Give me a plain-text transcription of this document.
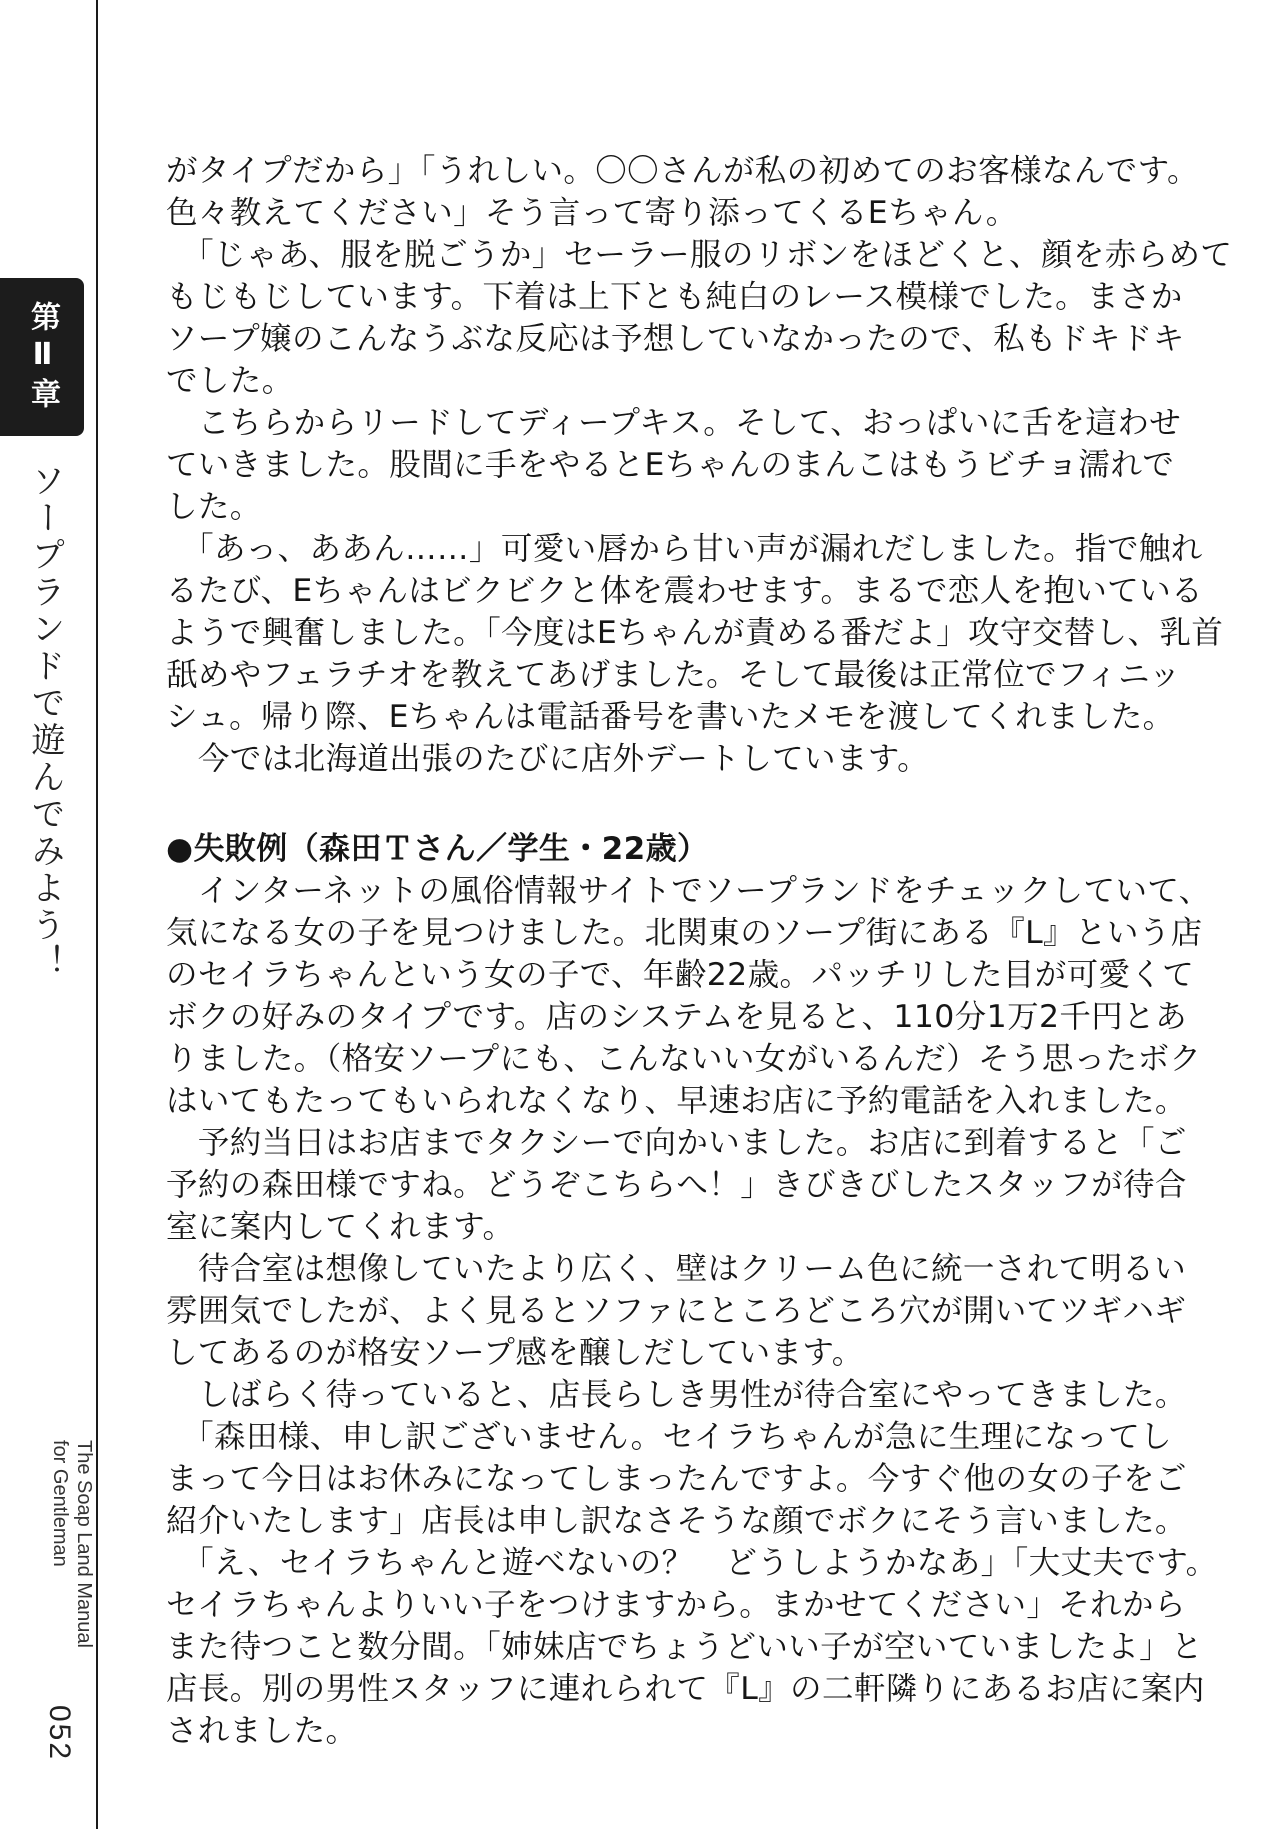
第Ⅱ章
ソープランドで遊んでみよう！
The Soap Land Manual
for Gentleman
052

がタイプだから」「うれしい。〇〇さんが私の初めてのお客様なんです。

色々教えてください」そう言って寄り添ってくるEちゃん。

　「じゃあ、服を脱ごうか」セーラー服のリボンをほどくと、顔を赤らめて

もじもじしています。下着は上下とも純白のレース模様でした。まさか

ソープ嬢のこんなうぶな反応は予想していなかったので、私もドキドキ

でした。

　こちらからリードしてディープキス。そして、おっぱいに舌を這わせ

ていきました。股間に手をやるとEちゃんのまんこはもうビチョ濡れで

した。

　「あっ、ああん……」可愛い唇から甘い声が漏れだしました。指で触れ

るたび、Eちゃんはビクビクと体を震わせます。まるで恋人を抱いている

ようで興奮しました。「今度はEちゃんが責める番だよ」攻守交替し、乳首

舐めやフェラチオを教えてあげました。そして最後は正常位でフィニッ

シュ。帰り際、Eちゃんは電話番号を書いたメモを渡してくれました。

　今では北海道出張のたびに店外デートしています。

●失敗例（森田Ｔさん／学生・22歳）

　インターネットの風俗情報サイトでソープランドをチェックしていて、

気になる女の子を見つけました。北関東のソープ街にある『L』という店

のセイラちゃんという女の子で、年齢22歳。パッチリした目が可愛くて

ボクの好みのタイプです。店のシステムを見ると、110分1万2千円とあ

りました。（格安ソープにも、こんないい女がいるんだ）そう思ったボク

はいてもたってもいられなくなり、早速お店に予約電話を入れました。

　予約当日はお店までタクシーで向かいました。お店に到着すると「ご

予約の森田様ですね。どうぞこちらへ！」きびきびしたスタッフが待合

室に案内してくれます。

　待合室は想像していたより広く、壁はクリーム色に統一されて明るい

雰囲気でしたが、よく見るとソファにところどころ穴が開いてツギハギ

してあるのが格安ソープ感を醸しだしています。

　しばらく待っていると、店長らしき男性が待合室にやってきました。

　「森田様、申し訳ございません。セイラちゃんが急に生理になってし

まって今日はお休みになってしまったんですよ。今すぐ他の女の子をご

紹介いたします」店長は申し訳なさそうな顔でボクにそう言いました。

　「え、セイラちゃんと遊べないの？　どうしようかなあ」「大丈夫です。

セイラちゃんよりいい子をつけますから。まかせてください」それから

また待つこと数分間。「姉妹店でちょうどいい子が空いていましたよ」と

店長。別の男性スタッフに連れられて『L』の二軒隣りにあるお店に案内

されました。
